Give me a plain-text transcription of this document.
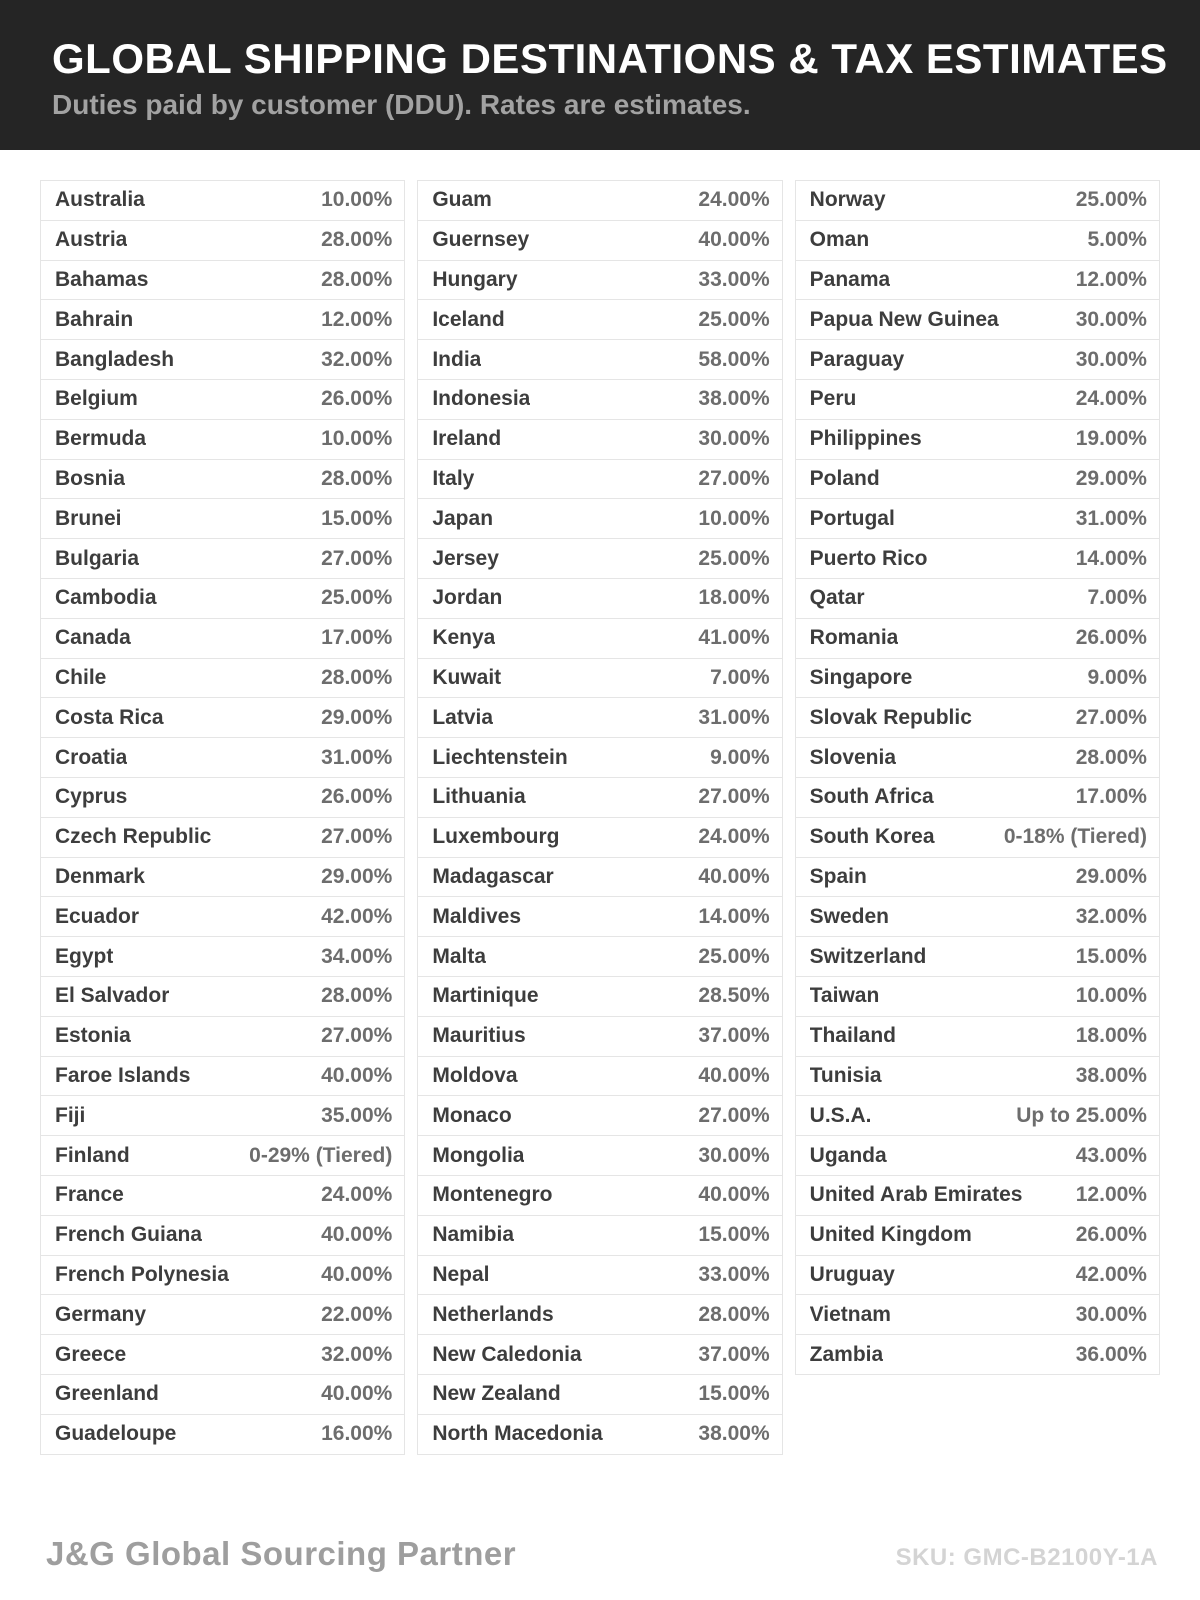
GLOBAL SHIPPING DESTINATIONS & TAX ESTIMATES
Duties paid by customer (DDU). Rates are estimates.
Australia	10.00%
Austria	28.00%
Bahamas	28.00%
Bahrain	12.00%
Bangladesh	32.00%
Belgium	26.00%
Bermuda	10.00%
Bosnia	28.00%
Brunei	15.00%
Bulgaria	27.00%
Cambodia	25.00%
Canada	17.00%
Chile	28.00%
Costa Rica	29.00%
Croatia	31.00%
Cyprus	26.00%
Czech Republic	27.00%
Denmark	29.00%
Ecuador	42.00%
Egypt	34.00%
El Salvador	28.00%
Estonia	27.00%
Faroe Islands	40.00%
Fiji	35.00%
Finland	0-29% (Tiered)
France	24.00%
French Guiana	40.00%
French Polynesia	40.00%
Germany	22.00%
Greece	32.00%
Greenland	40.00%
Guadeloupe	16.00%
Guam	24.00%
Guernsey	40.00%
Hungary	33.00%
Iceland	25.00%
India	58.00%
Indonesia	38.00%
Ireland	30.00%
Italy	27.00%
Japan	10.00%
Jersey	25.00%
Jordan	18.00%
Kenya	41.00%
Kuwait	7.00%
Latvia	31.00%
Liechtenstein	9.00%
Lithuania	27.00%
Luxembourg	24.00%
Madagascar	40.00%
Maldives	14.00%
Malta	25.00%
Martinique	28.50%
Mauritius	37.00%
Moldova	40.00%
Monaco	27.00%
Mongolia	30.00%
Montenegro	40.00%
Namibia	15.00%
Nepal	33.00%
Netherlands	28.00%
New Caledonia	37.00%
New Zealand	15.00%
North Macedonia	38.00%
Norway	25.00%
Oman	5.00%
Panama	12.00%
Papua New Guinea	30.00%
Paraguay	30.00%
Peru	24.00%
Philippines	19.00%
Poland	29.00%
Portugal	31.00%
Puerto Rico	14.00%
Qatar	7.00%
Romania	26.00%
Singapore	9.00%
Slovak Republic	27.00%
Slovenia	28.00%
South Africa	17.00%
South Korea	0-18% (Tiered)
Spain	29.00%
Sweden	32.00%
Switzerland	15.00%
Taiwan	10.00%
Thailand	18.00%
Tunisia	38.00%
U.S.A.	Up to 25.00%
Uganda	43.00%
United Arab Emirates	12.00%
United Kingdom	26.00%
Uruguay	42.00%
Vietnam	30.00%
Zambia	36.00%
J&G Global Sourcing Partner	SKU: GMC-B2100Y-1A
